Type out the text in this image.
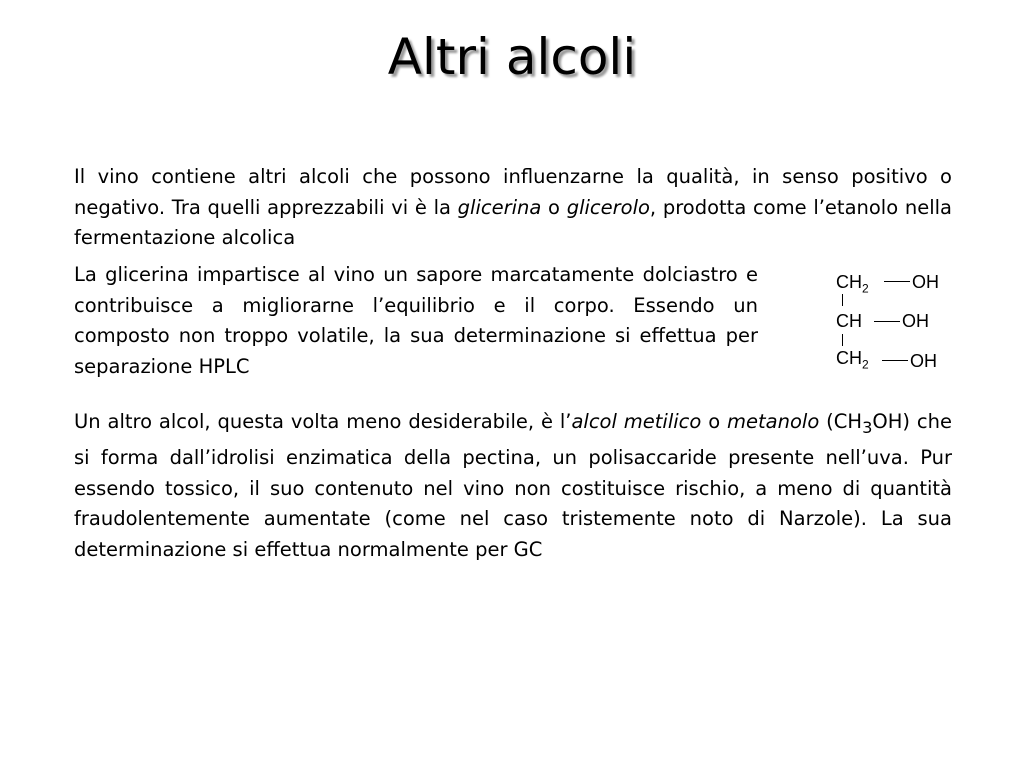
Altri alcoli

Il vino contiene altri alcoli che possono influenzarne la qualità, in senso positivo o negativo. Tra quelli apprezzabili vi è la glicerina o glicerolo, prodotta come l’etanolo nella fermentazione alcolica

La glicerina impartisce al vino un sapore marcatamente dolciastro e contribuisce a migliorarne l’equilibrio e il corpo. Essendo un composto non troppo volatile, la sua determinazione si effettua per separazione HPLC

$CH_2$ OH
CH OH
$CH_2$ OH

Un altro alcol, questa volta meno desiderabile, è l’alcol metilico o metanolo $(CH_3OH)$ che si forma dall’idrolisi enzimatica della pectina, un polisaccaride presente nell’uva. Pur essendo tossico, il suo contenuto nel vino non costituisce rischio, a meno di quantità fraudolentemente aumentate (come nel caso tristemente noto di Narzole). La sua determinazione si effettua normalmente per GC
